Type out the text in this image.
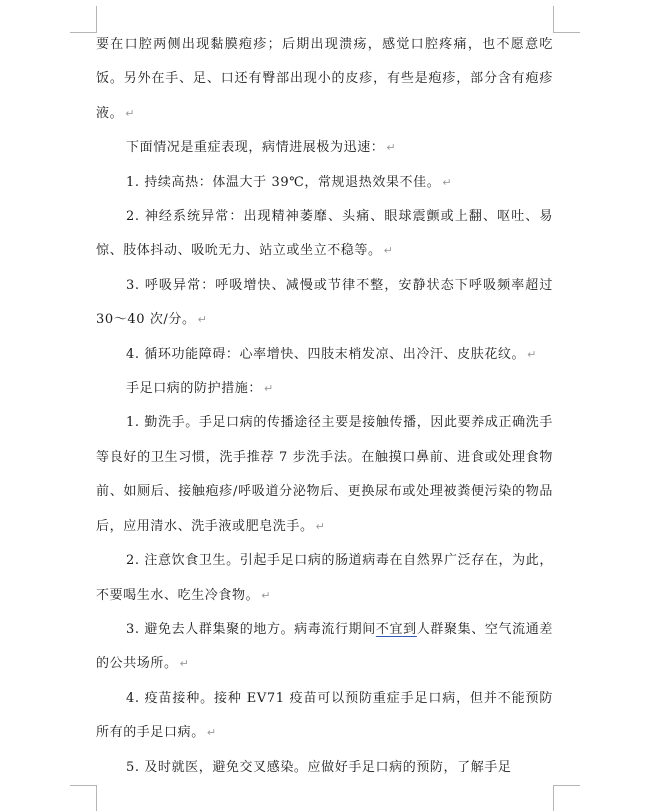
要在口腔两侧出现黏膜疱疹；后期出现溃疡，感觉口腔疼痛，也不愿意吃饭。另外在手、足、口还有臀部出现小的皮疹，有些是疱疹，部分含有疱疹液。 ↵

下面情况是重症表现，病情进展极为迅速： ↵

1. 持续高热：体温大于 39℃，常规退热效果不佳。 ↵

2. 神经系统异常：出现精神萎靡、头痛、眼球震颤或上翻、呕吐、易惊、肢体抖动、吸吮无力、站立或坐立不稳等。 ↵

3. 呼吸异常：呼吸增快、减慢或节律不整，安静状态下呼吸频率超过 30～40 次/分。 ↵

4. 循环功能障碍：心率增快、四肢末梢发凉、出冷汗、皮肤花纹。 ↵

手足口病的防护措施： ↵

1. 勤洗手。手足口病的传播途径主要是接触传播，因此要养成正确洗手等良好的卫生习惯，洗手推荐 7 步洗手法。在触摸口鼻前、进食或处理食物前、如厕后、接触疱疹/呼吸道分泌物后、更换尿布或处理被粪便污染的物品后，应用清水、洗手液或肥皂洗手。 ↵

2. 注意饮食卫生。引起手足口病的肠道病毒在自然界广泛存在，为此，不要喝生水、吃生冷食物。 ↵

3. 避免去人群集聚的地方。病毒流行期间不宜到人群聚集、空气流通差的公共场所。 ↵

4. 疫苗接种。接种 EV71 疫苗可以预防重症手足口病，但并不能预防所有的手足口病。 ↵

5. 及时就医，避免交叉感染。应做好手足口病的预防，了解手足
